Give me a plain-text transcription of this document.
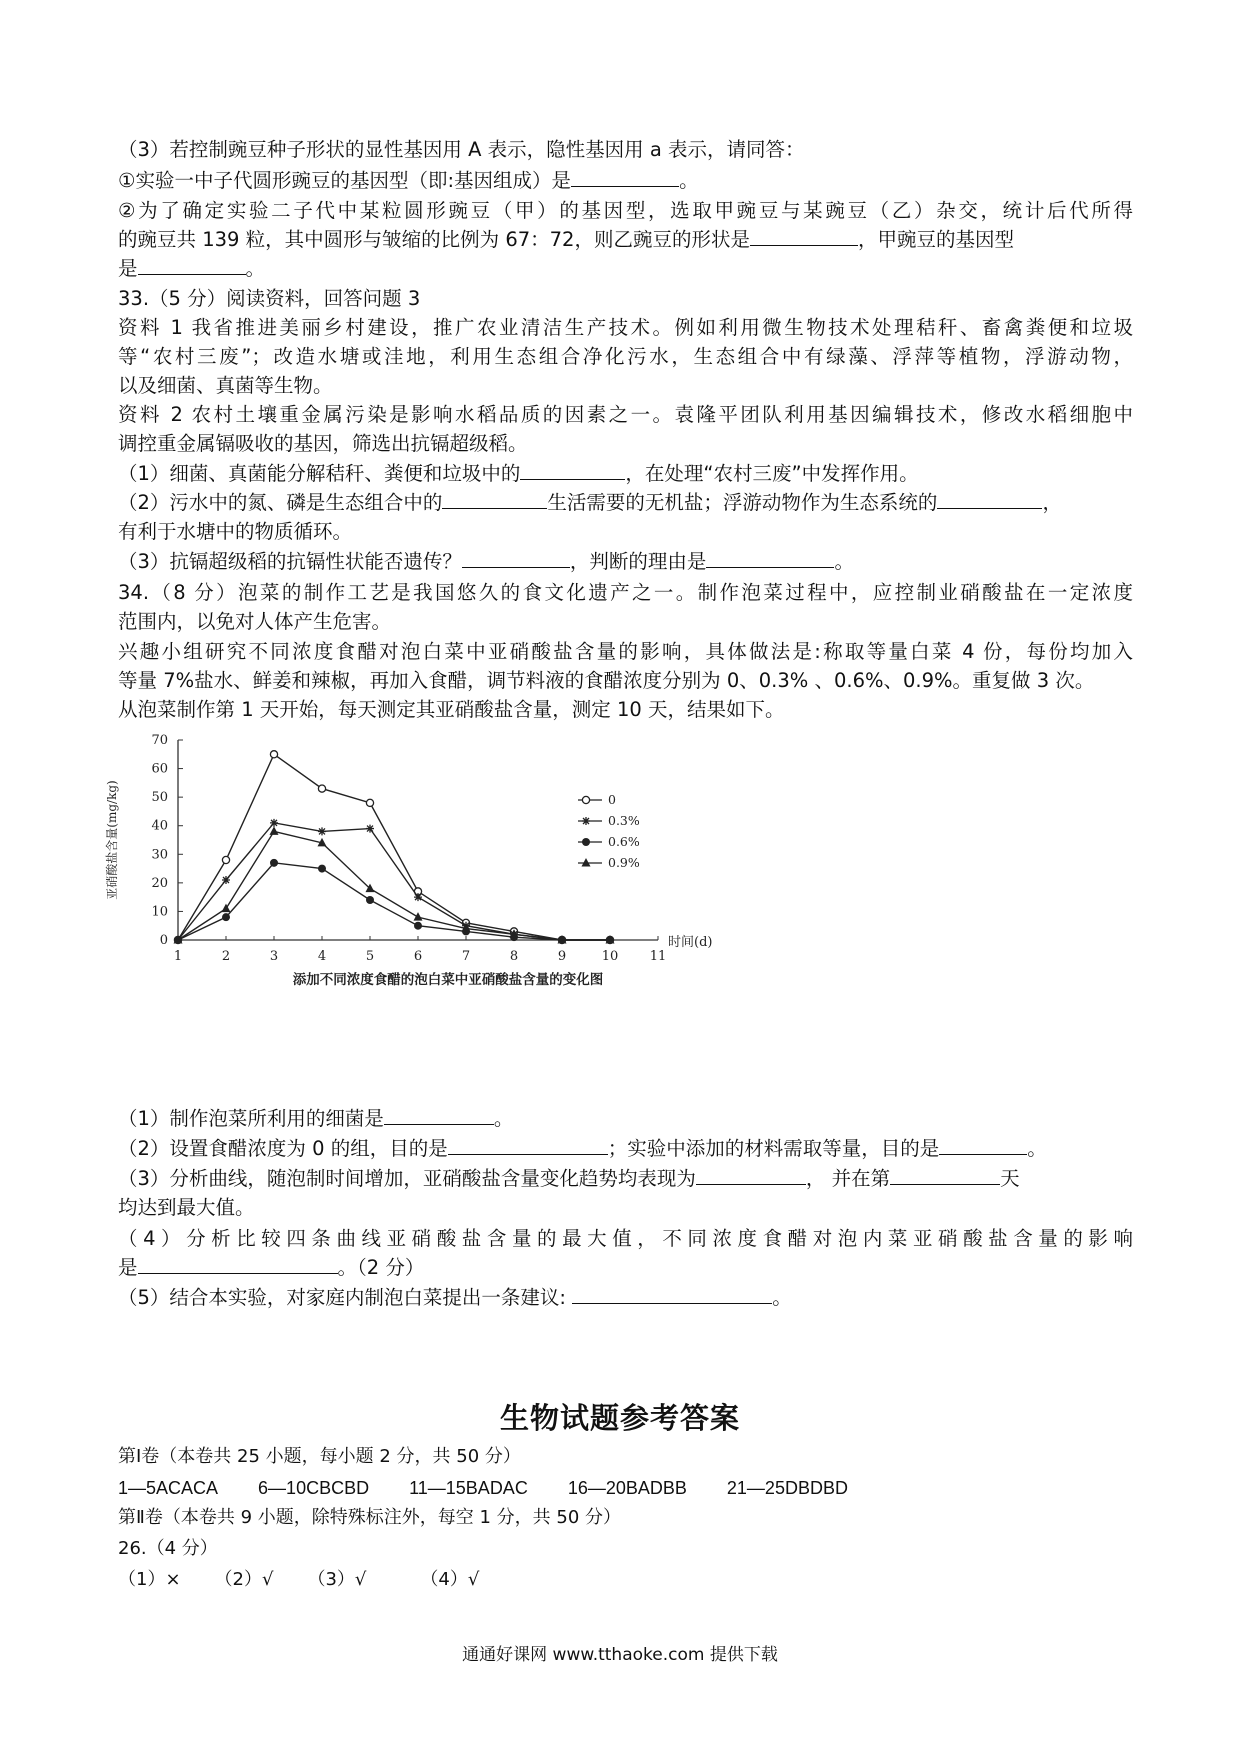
（3）若控制豌豆种子形状的显性基因用 A 表示，隐性基因用 a 表示，请同答：
①实验一中子代圆形豌豆的基因型（即:基因组成）是	。
②为了确定实验二子代中某粒圆形豌豆（甲）的基因型，选取甲豌豆与某豌豆（乙）杂交，统计后代所得
的豌豆共 139 粒，其中圆形与皱缩的比例为 67：72，则乙豌豆的形状是	，甲豌豆的基因型
是	。
33.（5 分）阅读资料，回答问题 3
资料 1 我省推进美丽乡村建设，推广农业清洁生产技术。例如利用微生物技术处理秸秆、畜禽粪便和垃圾
等“农村三废”；改造水塘或洼地，利用生态组合净化污水，生态组合中有绿藻、浮萍等植物，浮游动物，
以及细菌、真菌等生物。
资料 2 农村土壤重金属污染是影响水稻品质的因素之一。袁隆平团队利用基因编辑技术，修改水稻细胞中
调控重金属镉吸收的基因，筛选出抗镉超级稻。
（1）细菌、真菌能分解秸秆、粪便和垃圾中的	，在处理“农村三废”中发挥作用。
（2）污水中的氮、磷是生态组合中的	生活需要的无机盐；浮游动物作为生态系统的	，
有利于水塘中的物质循环。
（3）抗镉超级稻的抗镉性状能否遗传？	，判断的理由是	。
34.（8 分）泡菜的制作工艺是我国悠久的食文化遗产之一。制作泡菜过程中，应控制业硝酸盐在一定浓度
范围内，以免对人体产生危害。
兴趣小组研究不同浓度食醋对泡白菜中亚硝酸盐含量的影响，具体做法是:称取等量白菜 4 份，每份均加入
等量 7%盐水、鲜姜和辣椒，再加入食醋，调节料液的食醋浓度分别为 0、0.3% 、0.6%、0.9%。重复做 3 次。
从泡菜制作第 1 天开始，每天测定其亚硝酸盐含量，测定 10 天，结果如下。
0
10
20
30
40
50
60
70
1	2	3	4	5	6	7	8	9	10 11
时间(d)
亚硝酸盐含量(mg/kg)
添加不同浓度食醋的泡白菜中亚硝酸盐含量的变化图
0
0.3%
0.6%
0.9%
（1）制作泡菜所利用的细菌是	。
（2）设置食醋浓度为 0 的组，目的是	；实验中添加的材料需取等量，目的是	。
（3）分析曲线，随泡制时间增加，亚硝酸盐含量变化趋势均表现为	， 并在第	天
均达到最大值。
（4）分析比较四条曲线亚硝酸盐含量的最大值，不同浓度食醋对泡内菜亚硝酸盐含量的影响
是	。（2 分）
（5）结合本实验，对家庭内制泡白菜提出一条建议:	。
生物试题参考答案
第Ⅰ卷（本卷共 25 小题，每小题 2 分，共 50 分）
1—5ACACA 6—10CBCBD 11—15BADAC 16—20BADBB 21—25DBDBD
第Ⅱ卷（本卷共 9 小题，除特殊标注外，每空 1 分，共 50 分）
26.（4 分）
（1）× （2）√ （3）√	（4）√
通通好课网 www.tthaoke.com 提供下载
